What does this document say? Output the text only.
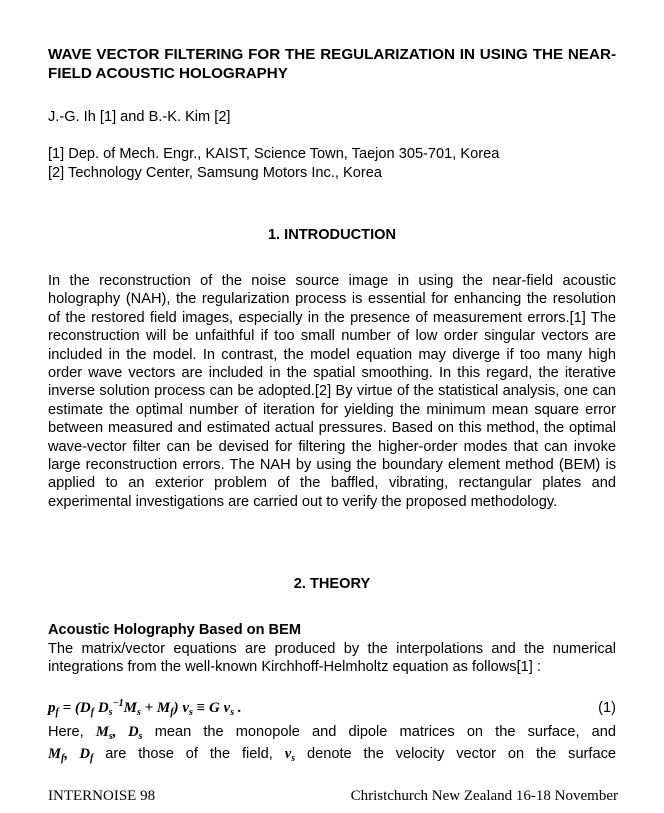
WAVE VECTOR FILTERING FOR THE REGULARIZATION IN USING THE NEAR-FIELD ACOUSTIC HOLOGRAPHY
J.-G. Ih [1] and B.-K. Kim [2]
[1] Dep. of Mech. Engr., KAIST, Science Town, Taejon 305-701, Korea
[2] Technology Center, Samsung Motors Inc., Korea
1. INTRODUCTION
In the reconstruction of the noise source image in using the near-field acoustic holography (NAH), the regularization process is essential for enhancing the resolution of the restored field images, especially in the presence of measurement errors.[1] The reconstruction will be unfaithful if too small number of low order singular vectors are included in the model. In contrast, the model equation may diverge if too many high order wave vectors are included in the spatial smoothing. In this regard, the iterative inverse solution process can be adopted.[2] By virtue of the statistical analysis, one can estimate the optimal number of iteration for yielding the minimum mean square error between measured and estimated actual pressures. Based on this method, the optimal wave-vector filter can be devised for filtering the higher-order modes that can invoke large reconstruction errors. The NAH by using the boundary element method (BEM) is applied to an exterior problem of the baffled, vibrating, rectangular plates and experimental investigations are carried out to verify the proposed methodology.
2. THEORY
Acoustic Holography Based on BEM
The matrix/vector equations are produced by the interpolations and the numerical integrations from the well-known Kirchhoff-Helmholtz equation as follows[1] :
$p_f = (D_f$ $D_s^{-1}M_s + M_f$) $v_s \equiv G$ $v_s$ .	(1)
Here, $M_s$, $D_s$ mean the monopole and dipole matrices on the surface, and
$M_f$, $D_f$ are those of the field, $v_s$ denote the velocity vector on the surface
INTERNOISE 98	Christchurch New Zealand 16-18 November
